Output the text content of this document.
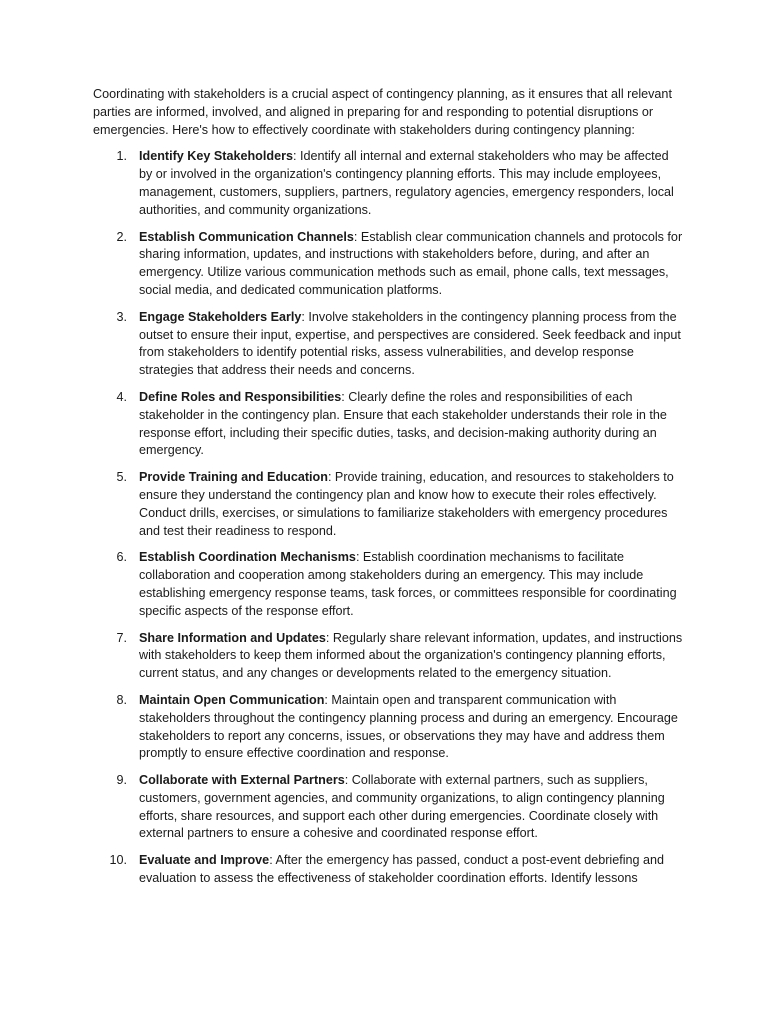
Coordinating with stakeholders is a crucial aspect of contingency planning, as it ensures that all relevant parties are informed, involved, and aligned in preparing for and responding to potential disruptions or emergencies. Here's how to effectively coordinate with stakeholders during contingency planning:

1. Identify Key Stakeholders: Identify all internal and external stakeholders who may be affected by or involved in the organization's contingency planning efforts. This may include employees, management, customers, suppliers, partners, regulatory agencies, emergency responders, local authorities, and community organizations.
2. Establish Communication Channels: Establish clear communication channels and protocols for sharing information, updates, and instructions with stakeholders before, during, and after an emergency. Utilize various communication methods such as email, phone calls, text messages, social media, and dedicated communication platforms.
3. Engage Stakeholders Early: Involve stakeholders in the contingency planning process from the outset to ensure their input, expertise, and perspectives are considered. Seek feedback and input from stakeholders to identify potential risks, assess vulnerabilities, and develop response strategies that address their needs and concerns.
4. Define Roles and Responsibilities: Clearly define the roles and responsibilities of each stakeholder in the contingency plan. Ensure that each stakeholder understands their role in the response effort, including their specific duties, tasks, and decision-making authority during an emergency.
5. Provide Training and Education: Provide training, education, and resources to stakeholders to ensure they understand the contingency plan and know how to execute their roles effectively. Conduct drills, exercises, or simulations to familiarize stakeholders with emergency procedures and test their readiness to respond.
6. Establish Coordination Mechanisms: Establish coordination mechanisms to facilitate collaboration and cooperation among stakeholders during an emergency. This may include establishing emergency response teams, task forces, or committees responsible for coordinating specific aspects of the response effort.
7. Share Information and Updates: Regularly share relevant information, updates, and instructions with stakeholders to keep them informed about the organization's contingency planning efforts, current status, and any changes or developments related to the emergency situation.
8. Maintain Open Communication: Maintain open and transparent communication with stakeholders throughout the contingency planning process and during an emergency. Encourage stakeholders to report any concerns, issues, or observations they may have and address them promptly to ensure effective coordination and response.
9. Collaborate with External Partners: Collaborate with external partners, such as suppliers, customers, government agencies, and community organizations, to align contingency planning efforts, share resources, and support each other during emergencies. Coordinate closely with external partners to ensure a cohesive and coordinated response effort.
10. Evaluate and Improve: After the emergency has passed, conduct a post-event debriefing and evaluation to assess the effectiveness of stakeholder coordination efforts. Identify lessons
